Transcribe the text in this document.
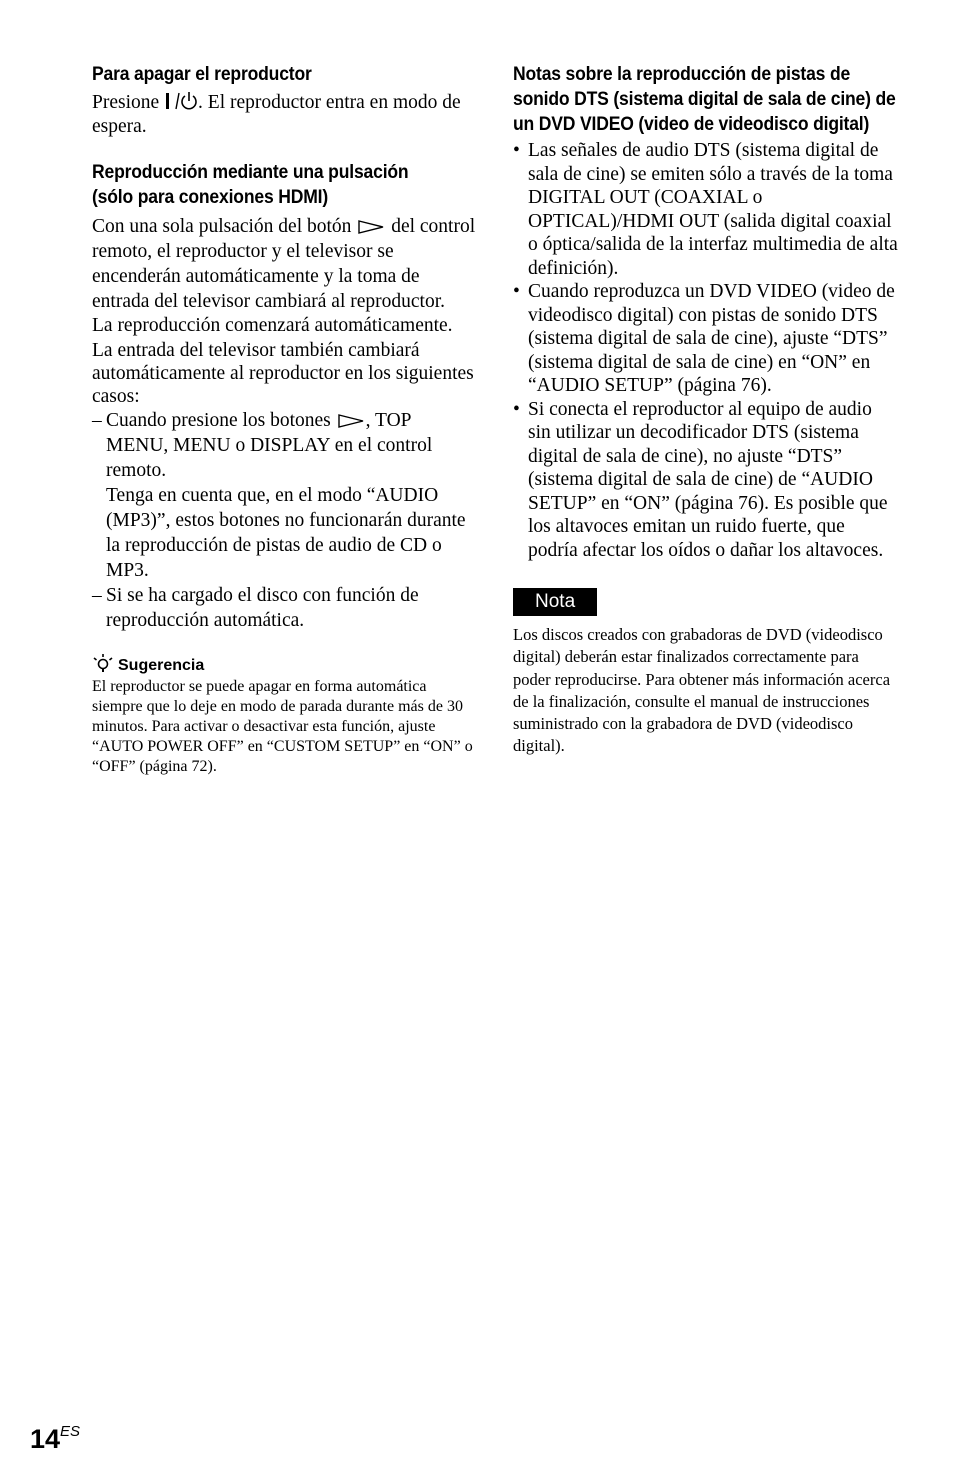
Para apagar el reproductor

Presione . El reproductor entra en modo de espera.

Reproducción mediante una pulsación
(sólo para conexiones HDMI)

Con una sola pulsación del botón  del control remoto, el reproductor y el televisor se encenderán automáticamente y la toma de entrada del televisor cambiará al reproductor.

La reproducción comenzará automáticamente.

La entrada del televisor también cambiará automáticamente al reproductor en los siguientes casos:

– Cuando presione los botones , TOP MENU, MENU o DISPLAY en el control remoto.
Tenga en cuenta que, en el modo “AUDIO (MP3)”, estos botones no funcionarán durante la reproducción de pistas de audio de CD o MP3.
– Si se ha cargado el disco con función de reproducción automática.
Sugerencia

El reproductor se puede apagar en forma automática siempre que lo deje en modo de parada durante más de 30 minutos. Para activar o desactivar esta función, ajuste “AUTO POWER OFF” en “CUSTOM SETUP” en “ON” o “OFF” (página 72).

Notas sobre la reproducción de pistas de sonido DTS (sistema digital de sala de cine) de un DVD VIDEO (video de videodisco digital)
• Las señales de audio DTS (sistema digital de sala de cine) se emiten sólo a través de la toma DIGITAL OUT (COAXIAL o OPTICAL)/HDMI OUT (salida digital coaxial o óptica/salida de la interfaz multimedia de alta definición).
• Cuando reproduzca un DVD VIDEO (video de videodisco digital) con pistas de sonido DTS (sistema digital de sala de cine), ajuste “DTS” (sistema digital de sala de cine) en “ON” en “AUDIO SETUP” (página 76).
• Si conecta el reproductor al equipo de audio sin utilizar un decodificador DTS (sistema digital de sala de cine), no ajuste “DTS” (sistema digital de sala de cine) de “AUDIO SETUP” en “ON” (página 76). Es posible que los altavoces emitan un ruido fuerte, que podría afectar los oídos o dañar los altavoces.
Nota

Los discos creados con grabadoras de DVD (videodisco digital) deberán estar finalizados correctamente para poder reproducirse. Para obtener más información acerca de la finalización, consulte el manual de instrucciones suministrado con la grabadora de DVD (videodisco digital).

$14^{ES}$
